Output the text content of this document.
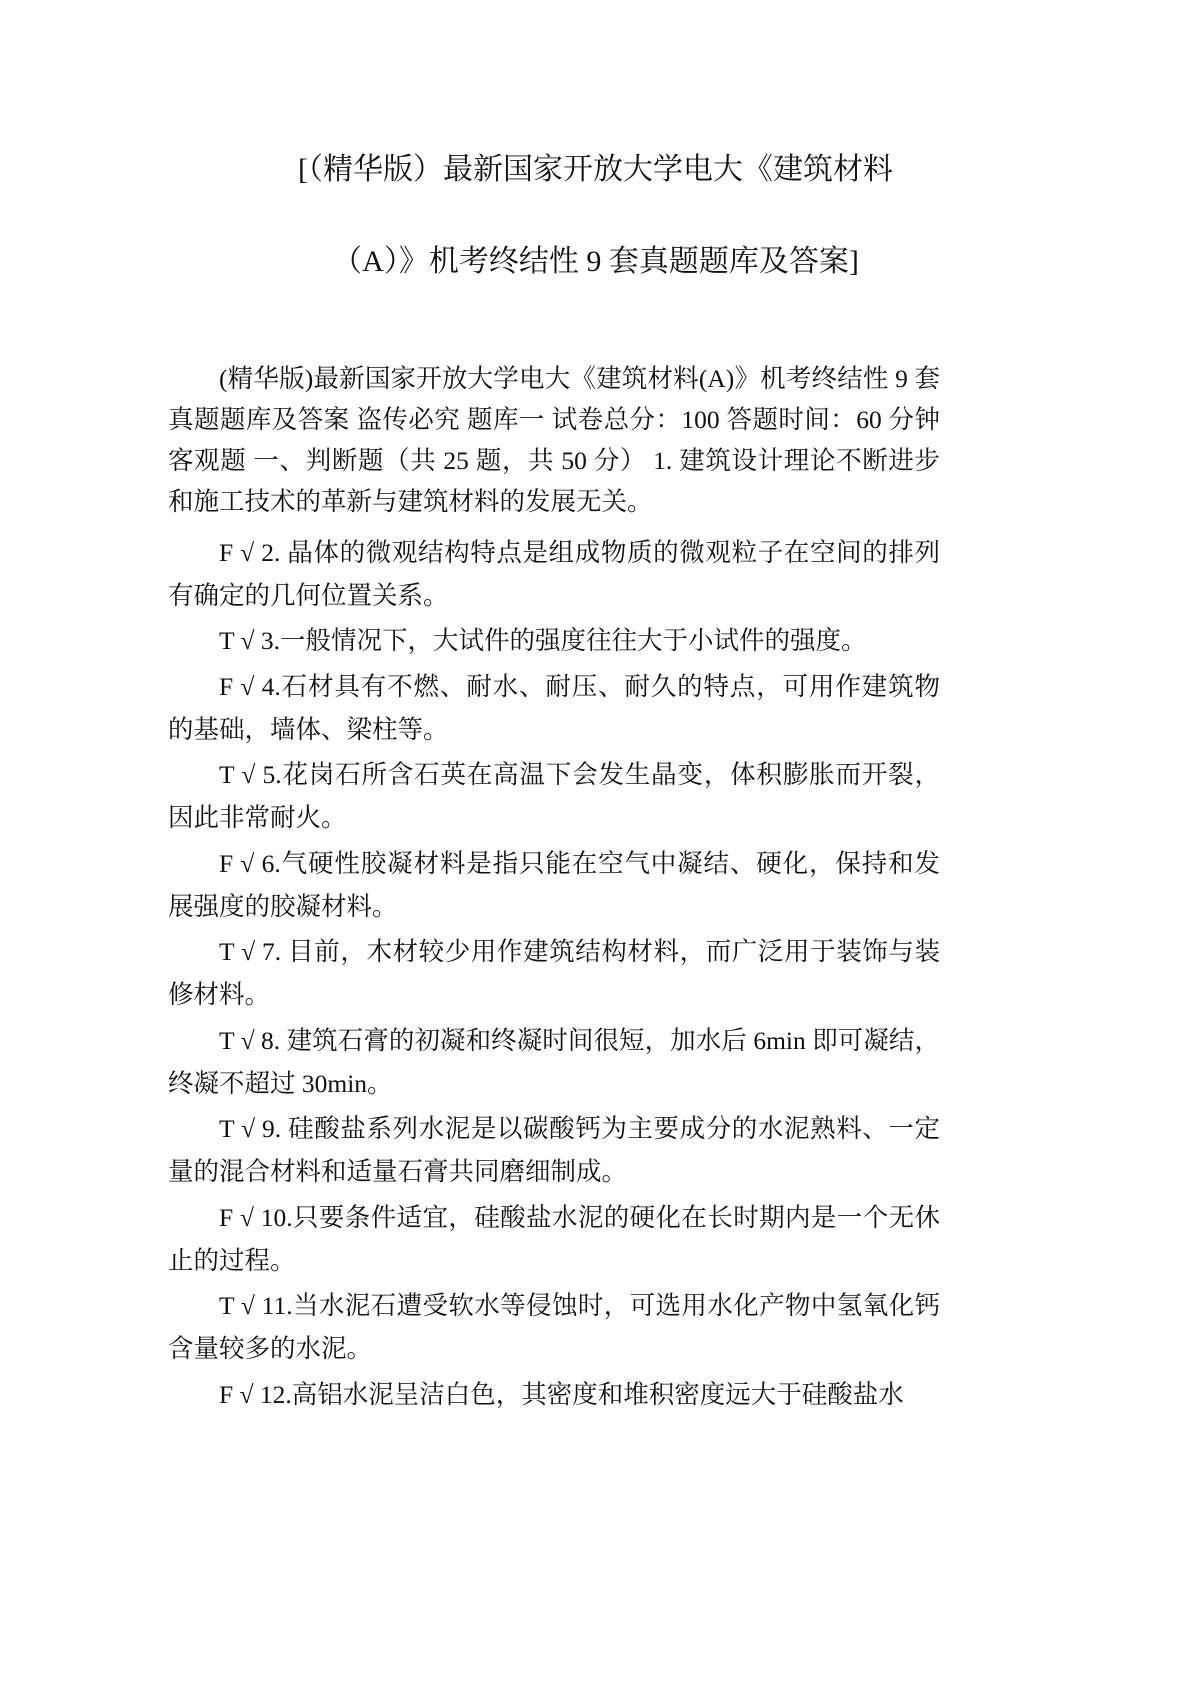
[（精华版）最新国家开放大学电大《建筑材料
（A）》机考终结性 9 套真题题库及答案]

(精华版)最新国家开放大学电大《建筑材料(A)》机考终结性 9 套真题题库及答案 盗传必究 题库一 试卷总分：100 答题时间：60 分钟 客观题 一、判断题（共 25 题，共 50 分） 1. 建筑设计理论不断进步和施工技术的革新与建筑材料的发展无关。

F √ 2. 晶体的微观结构特点是组成物质的微观粒子在空间的排列有确定的几何位置关系。

T √ 3.一般情况下，大试件的强度往往大于小试件的强度。

F √ 4.石材具有不燃、耐水、耐压、耐久的特点，可用作建筑物的基础，墙体、梁柱等。

T √ 5.花岗石所含石英在高温下会发生晶变，体积膨胀而开裂，因此非常耐火。

F √ 6.气硬性胶凝材料是指只能在空气中凝结、硬化，保持和发展强度的胶凝材料。

T √ 7. 目前，木材较少用作建筑结构材料，而广泛用于装饰与装修材料。

T √ 8. 建筑石膏的初凝和终凝时间很短，加水后 6min 即可凝结，终凝不超过 30min。

T √ 9. 硅酸盐系列水泥是以碳酸钙为主要成分的水泥熟料、一定量的混合材料和适量石膏共同磨细制成。

F √ 10.只要条件适宜，硅酸盐水泥的硬化在长时期内是一个无休止的过程。

T √ 11.当水泥石遭受软水等侵蚀时，可选用水化产物中氢氧化钙含量较多的水泥。

F √ 12.高铝水泥呈洁白色，其密度和堆积密度远大于硅酸盐水
